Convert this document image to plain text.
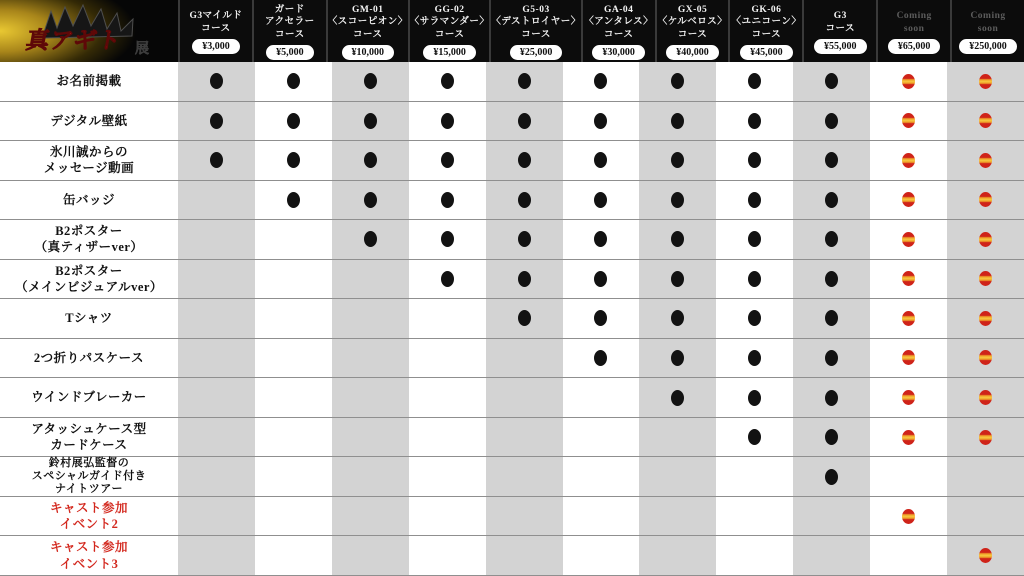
真アギト 展
G3マイルド
コース
¥3,000
ガード
アクセラー
コース
¥5,000
GM-01
〈スコーピオン〉
コース
¥10,000
GG-02
〈サラマンダー〉
コース
¥15,000
G5-03
〈デストロイヤー〉
コース
¥25,000
GA-04
〈アンタレス〉
コース
¥30,000
GX-05
〈ケルベロス〉
コース
¥40,000
GK-06
〈ユニコーン〉
コース
¥45,000
G3
コース
¥55,000
Coming
soon
¥65,000
Coming
soon
¥250,000
お名前掲載
デジタル壁紙
氷川誠からの
メッセージ動画
缶バッジ
B2ポスター
（真ティザーver）
B2ポスター
（メインビジュアルver）
Tシャツ
2つ折りパスケース
ウインドブレーカー
アタッシュケース型
カードケース
鈴村展弘監督の
スペシャルガイド付き
ナイトツアー
キャスト参加
イベント2
キャスト参加
イベント3
